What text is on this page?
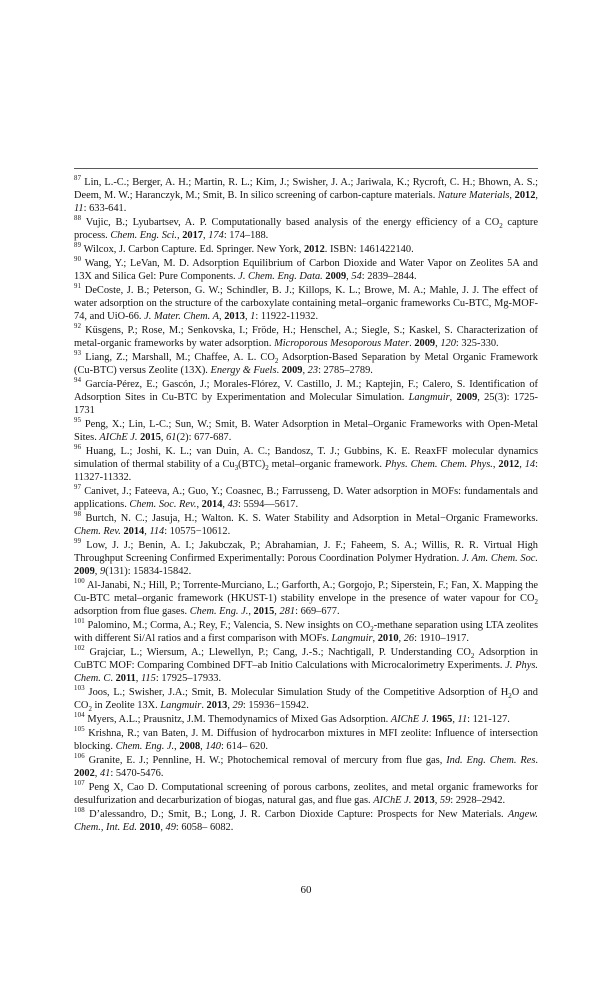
$^{87}$ Lin, L.-C.; Berger, A. H.; Martin, R. L.; Kim, J.; Swisher, J. A.; Jariwala, K.; Rycroft, C. H.; Bhown, A. S.; Deem, M. W.; Haranczyk, M.; Smit, B. In silico screening of carbon-capture materials. Nature Materials, 2012, 11: 633-641.

$^{88}$ Vujic, B.; Lyubartsev, A. P. Computationally based analysis of the energy efficiency of a $CO_2$ capture process. Chem. Eng. Sci., 2017, 174: 174–188.

$^{89}$ Wilcox, J. Carbon Capture. Ed. Springer. New York, 2012. ISBN: 1461422140.

$^{90}$ Wang, Y.; LeVan, M. D. Adsorption Equilibrium of Carbon Dioxide and Water Vapor on Zeolites 5A and 13X and Silica Gel: Pure Components. J. Chem. Eng. Data. 2009, 54: 2839–2844.

$^{91}$ DeCoste, J. B.; Peterson, G. W.; Schindler, B. J.; Killops, K. L.; Browe, M. A.; Mahle, J. J. The effect of water adsorption on the structure of the carboxylate containing metal–organic frameworks Cu-BTC, Mg-MOF-74, and UiO-66. J. Mater. Chem. A, 2013, 1: 11922-11932.

$^{92}$ Küsgens, P.; Rose, M.; Senkovska, I.; Fröde, H.; Henschel, A.; Siegle, S.; Kaskel, S. Characterization of metal-organic frameworks by water adsorption. Microporous Mesoporous Mater. 2009, 120: 325-330.

$^{93}$ Liang, Z.; Marshall, M.; Chaffee, A. L. $CO_2$ Adsorption-Based Separation by Metal Organic Framework (Cu-BTC) versus Zeolite (13X). Energy & Fuels. 2009, 23: 2785–2789.

$^{94}$ García-Pérez, E.; Gascón, J.; Morales-Flórez, V. Castillo, J. M.; Kaptejin, F.; Calero, S. Identification of Adsorption Sites in Cu-BTC by Experimentation and Molecular Simulation. Langmuir, 2009, 25(3): 1725-1731

$^{95}$ Peng, X.; Lin, L-C.; Sun, W.; Smit, B. Water Adsorption in Metal–Organic Frameworks with Open-Metal Sites. AIChE J. 2015, 61(2): 677-687.

$^{96}$ Huang, L.; Joshi, K. L.; van Duin, A. C.; Bandosz, T. J.; Gubbins, K. E. ReaxFF molecular dynamics simulation of thermal stability of a $Cu_3(BTC)_2$ metal–organic framework. Phys. Chem. Chem. Phys., 2012, 14: 11327-11332.

$^{97}$ Canivet, J.; Fateeva, A.; Guo, Y.; Coasnec, B.; Farrusseng, D. Water adsorption in MOFs: fundamentals and applications. Chem. Soc. Rev., 2014, 43: 5594—5617.

$^{98}$ Burtch, N. C.; Jasuja, H.; Walton. K. S. Water Stability and Adsorption in Metal−Organic Frameworks. Chem. Rev. 2014, 114: 10575−10612.

$^{99}$ Low, J. J.; Benin, A. I.; Jakubczak, P.; Abrahamian, J. F.; Faheem, S. A.; Willis, R. R. Virtual High Throughput Screening Confirmed Experimentally: Porous Coordination Polymer Hydration. J. Am. Chem. Soc. 2009, 9(131): 15834-15842.

$^{100}$ Al-Janabi, N.; Hill, P.; Torrente-Murciano, L.; Garforth, A.; Gorgojo, P.; Siperstein, F.; Fan, X. Mapping the Cu-BTC metal–organic framework (HKUST-1) stability envelope in the presence of water vapour for $CO_2$ adsorption from flue gases. Chem. Eng. J., 2015, 281: 669–677.

$^{101}$ Palomino, M.; Corma, A.; Rey, F.; Valencia, S. New insights on $CO_2$-methane separation using LTA zeolites with different Si/Al ratios and a first comparison with MOFs. Langmuir, 2010, 26: 1910–1917.

$^{102}$ Grajciar, L.; Wiersum, A.; Llewellyn, P.; Cang, J.-S.; Nachtigall, P. Understanding $CO_2$ Adsorption in CuBTC MOF: Comparing Combined DFT–ab Initio Calculations with Microcalorimetry Experiments. J. Phys. Chem. C. 2011, 115: 17925–17933.

$^{103}$ Joos, L.; Swisher, J.A.; Smit, B. Molecular Simulation Study of the Competitive Adsorption of $H_2O$ and $CO_2$ in Zeolite 13X. Langmuir. 2013, 29: 15936−15942.

$^{104}$ Myers, A.L.; Prausnitz, J.M. Themodynamics of Mixed Gas Adsorption. AIChE J. 1965, 11: 121-127.

$^{105}$ Krishna, R.; van Baten, J. M. Diffusion of hydrocarbon mixtures in MFI zeolite: Influence of intersection blocking. Chem. Eng. J., 2008, 140: 614– 620.

$^{106}$ Granite, E. J.; Pennline, H. W.; Photochemical removal of mercury from flue gas, Ind. Eng. Chem. Res. 2002, 41: 5470-5476.

$^{107}$ Peng X, Cao D. Computational screening of porous carbons, zeolites, and metal organic frameworks for desulfurization and decarburization of biogas, natural gas, and flue gas. AIChE J. 2013, 59: 2928–2942.

$^{108}$ D’alessandro, D.; Smit, B.; Long, J. R. Carbon Dioxide Capture: Prospects for New Materials. Angew. Chem., Int. Ed. 2010, 49: 6058– 6082.

60
